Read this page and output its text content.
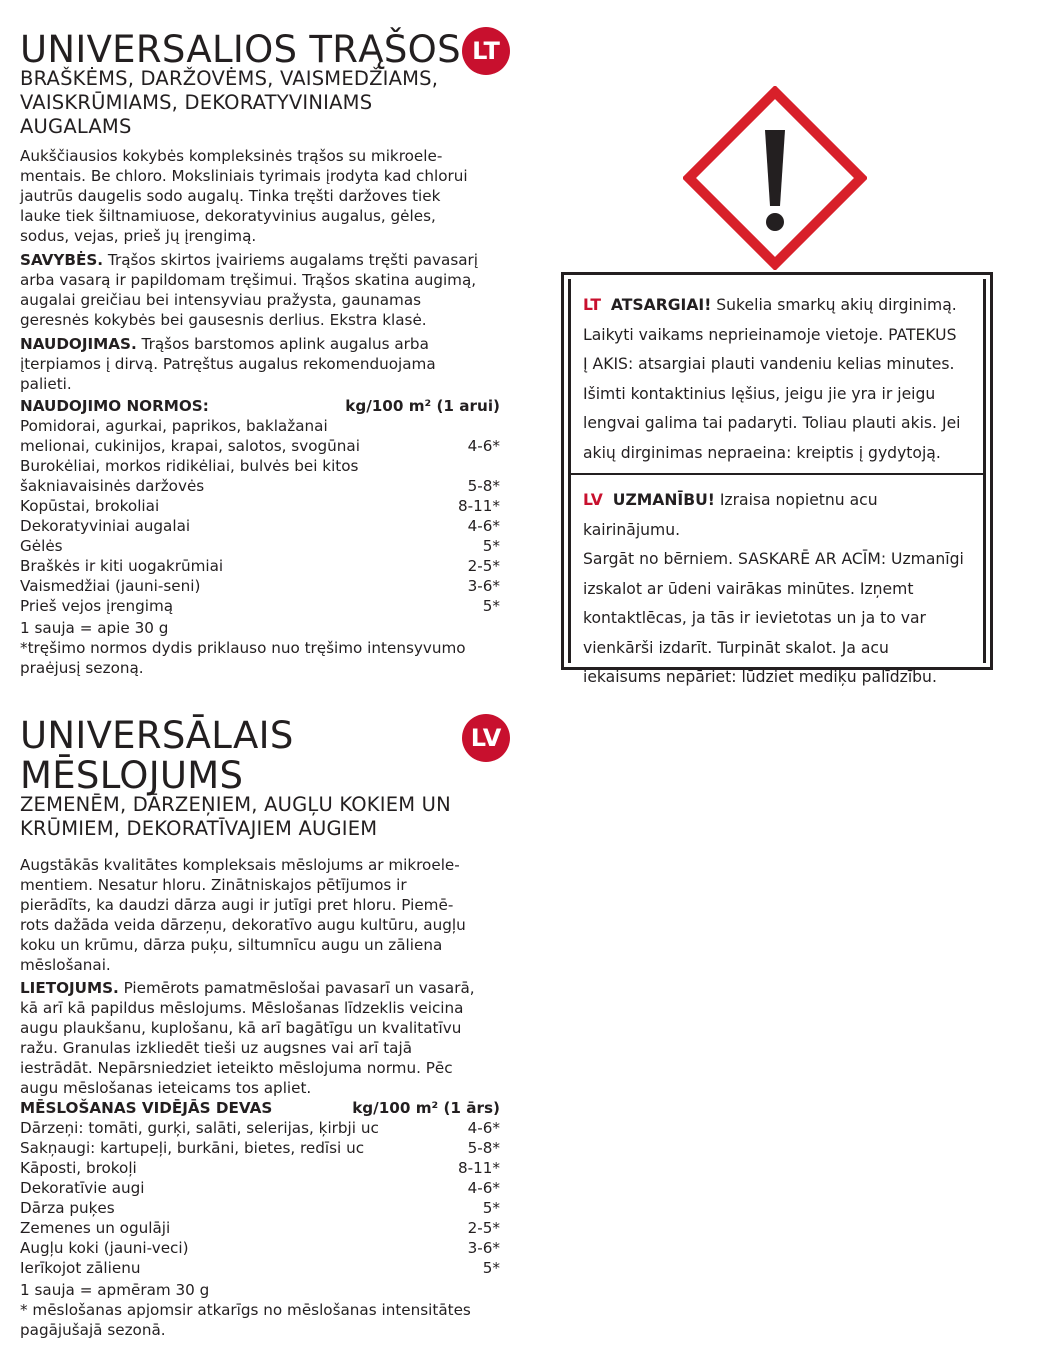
UNIVERSALIOS TRĄŠOS
BRAŠKĖMS, DARŽOVĖMS, VAISMEDŽIAMS,
VAISKRŪMIAMS, DEKORATYVINIAMS
AUGALAMS
Aukščiausios kokybės kompleksinės trąšos su mikroele-
mentais. Be chloro. Moksliniais tyrimais įrodyta kad chlorui
jautrūs daugelis sodo augalų. Tinka tręšti daržoves tiek
lauke tiek šiltnamiuose, dekoratyvinius augalus, gėles,
sodus, vejas, prieš jų įrengimą.
SAVYBĖS. Trąšos skirtos įvairiems augalams tręšti pavasarį
arba vasarą ir papildomam tręšimui. Trąšos skatina augimą,
augalai greičiau bei intensyviau pražysta, gaunamas
geresnės kokybės bei gausesnis derlius. Ekstra klasė.
NAUDOJIMAS. Trąšos barstomos aplink augalus arba
įterpiamos į dirvą. Patręštus augalus rekomenduojama
palieti.
NAUDOJIMO NORMOS:	kg/100 m² (1 arui)
Pomidorai, agurkai, paprikos, baklažanai
melionai, cukinijos, krapai, salotos, svogūnai	4-6*
Burokėliai, morkos ridikėliai, bulvės bei kitos
šakniavaisinės daržovės	5-8*
Kopūstai, brokoliai	8-11*
Dekoratyviniai augalai	4-6*
Gėlės	5*
Braškės ir kiti uogakrūmiai	2-5*
Vaismedžiai (jauni-seni)	3-6*
Prieš vejos įrengimą	5*
1 sauja = apie 30 g
*tręšimo normos dydis priklauso nuo tręšimo intensyvumo
praėjusį sezoną.
LT
UNIVERSĀLAIS
MĒSLOJUMS
ZEMENĒM, DĀRZEŅIEM, AUGĻU KOKIEM UN
KRŪMIEM, DEKORATĪVAJIEM AUGIEM
Augstākās kvalitātes kompleksais mēslojums ar mikroele-
mentiem. Nesatur hloru. Zinātniskajos pētījumos ir
pierādīts, ka daudzi dārza augi ir jutīgi pret hloru. Piemē-
rots dažāda veida dārzeņu, dekoratīvo augu kultūru, augļu
koku un krūmu, dārza puķu, siltumnīcu augu un zāliena
mēslošanai.
LIETOJUMS. Piemērots pamatmēslošai pavasarī un vasarā,
kā arī kā papildus mēslojums. Mēslošanas līdzeklis veicina
augu plaukšanu, kuplošanu, kā arī bagātīgu un kvalitatīvu
ražu. Granulas izkliedēt tieši uz augsnes vai arī tajā
iestrādāt. Nepārsniedziet ieteikto mēslojuma normu. Pēc
augu mēslošanas ieteicams tos apliet.
MĒSLOŠANAS VIDĒJĀS DEVAS	kg/100 m² (1 ārs)
Dārzeņi: tomāti, gurķi, salāti, selerijas, ķirbji uc	4-6*
Sakņaugi: kartupeļi, burkāni, bietes, redīsi uc	5-8*
Kāposti, brokoļi	8-11*
Dekoratīvie augi	4-6*
Dārza puķes	5*
Zemenes un ogulāji	2-5*
Augļu koki (jauni-veci)	3-6*
Ierīkojot zālienu	5*
1 sauja = apmēram 30 g
* mēslošanas apjomsir atkarīgs no mēslošanas intensitātes
pagājušajā sezonā.
LV
LT ATSARGIAI! Sukelia smarkų akių dirginimą.
Laikyti vaikams neprieinamoje vietoje. PATEKUS
Į AKIS: atsargiai plauti vandeniu kelias minutes.
Išimti kontaktinius lęšius, jeigu jie yra ir jeigu
lengvai galima tai padaryti. Toliau plauti akis. Jei
akių dirginimas nepraeina: kreiptis į gydytoją.
LV UZMANĪBU! Izraisa nopietnu acu kairinājumu.
Sargāt no bērniem. SASKARĒ AR ACĪM: Uzmanīgi
izskalot ar ūdeni vairākas minūtes. Izņemt
kontaktlēcas, ja tās ir ievietotas un ja to var
vienkārši izdarīt. Turpināt skalot. Ja acu
iekaisums nepāriet: lūdziet mediķu palīdzību.
